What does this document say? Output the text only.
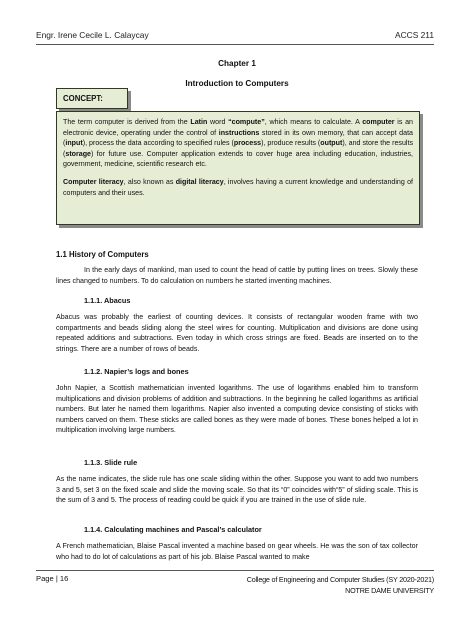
Engr. Irene Cecile L. Calaycay	ACCS 211
Chapter 1
Introduction to Computers
CONCEPT:

The term computer is derived from the Latin word “compute”, which means to calculate. A computer is an electronic device, operating under the control of instructions stored in its own memory, that can accept data (input), process the data according to specified rules (process), produce results (output), and store the results (storage) for future use. Computer application extends to cover huge area including education, industries, government, medicine, scientific research etc.

Computer literacy, also known as digital literacy, involves having a current knowledge and understanding of computers and their uses.

1.1 History of Computers
In the early days of mankind, man used to count the head of cattle by putting lines on trees. Slowly these lines changed to numbers. To do calculation on numbers he started inventing machines.
1.1.1. Abacus
Abacus was probably the earliest of counting devices. It consists of rectangular wooden frame with two compartments and beads sliding along the steel wires for counting. Multiplication and divisions are done using repeated additions and subtractions. Even today in which cross strings are fixed. Beads are inserted on to the strings. There are a number of rows of beads.
1.1.2. Napier’s logs and bones
John Napier, a Scottish mathematician invented logarithms. The use of logarithms enabled him to transform multiplications and division problems of addition and subtractions. In the beginning he called logarithms as artificial numbers. But later he named them logarithms. Napier also invented a computing device consisting of sticks with numbers carved on them. These sticks are called bones as they were made of bones. These bones helped a lot in multiplication involving large numbers.
1.1.3. Slide rule
As the name indicates, the slide rule has one scale sliding within the other. Suppose you want to add two numbers 3 and 5, set 3 on the fixed scale and slide the moving scale. So that its “0” coincides with“5” of sliding scale. This is the sum of 3 and 5. The process of reading could be quick if you are trained in the use of slide rule.
1.1.4. Calculating machines and Pascal’s calculator
A French mathematician, Blaise Pascal invented a machine based on gear wheels. He was the son of tax collector who had to do lot of calculations as part of his job. Blaise Pascal wanted to make
Page | 16	College of Engineering and Computer Studies (SY 2020-2021)
NOTRE DAME UNIVERSITY
